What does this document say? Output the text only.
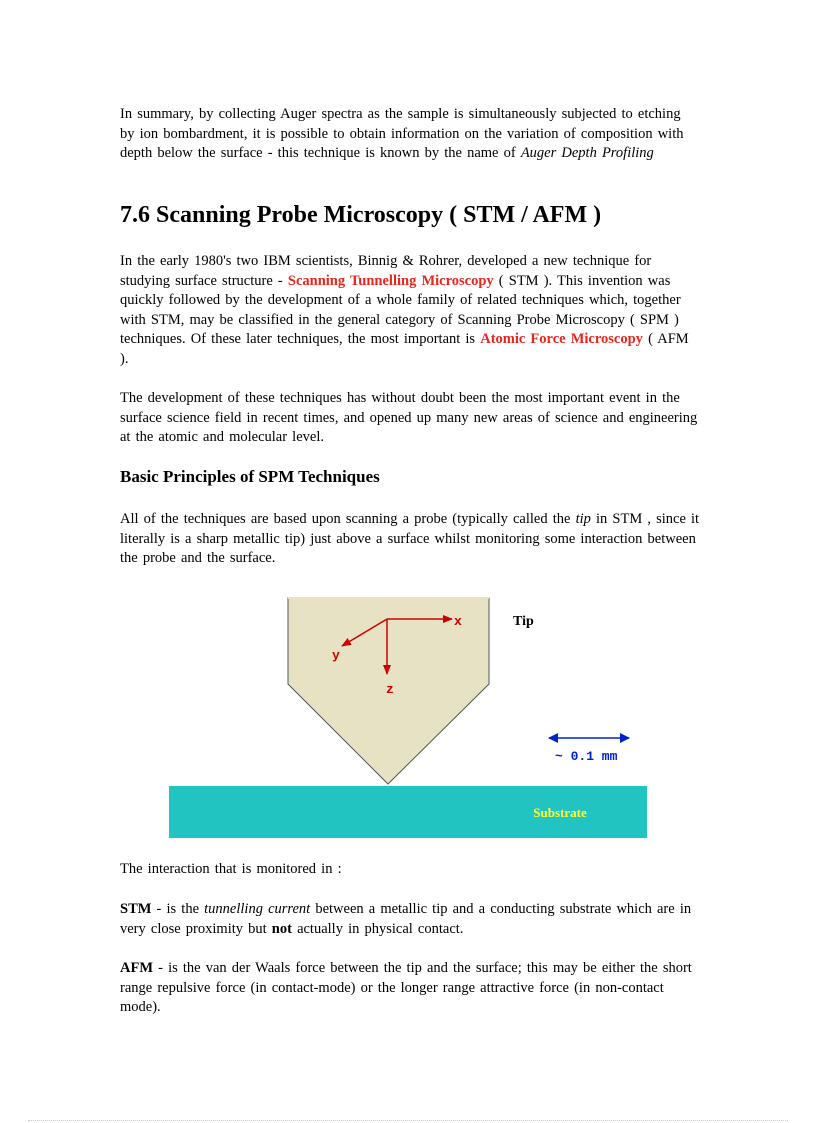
In summary, by collecting Auger spectra as the sample is simultaneously subjected to etching by ion bombardment, it is possible to obtain information on the variation of composition with depth below the surface - this technique is known by the name of Auger Depth Profiling

7.6 Scanning Probe Microscopy ( STM / AFM )

In the early 1980's two IBM scientists, Binnig & Rohrer, developed a new technique for studying surface structure - Scanning Tunnelling Microscopy ( STM ). This invention was quickly followed by the development of a whole family of related techniques which, together with STM, may be classified in the general category of Scanning Probe Microscopy ( SPM ) techniques. Of these later techniques, the most important is Atomic Force Microscopy ( AFM ).

The development of these techniques has without doubt been the most important event in the surface science field in recent times, and opened up many new areas of science and engineering at the atomic and molecular level.

Basic Principles of SPM Techniques

All of the techniques are based upon scanning a probe (typically called the tip in STM , since it literally is a sharp metallic tip) just above a surface whilst monitoring some interaction between the probe and the surface.

Substrate
x
y
z
Tip
~ 0.1 mm

The interaction that is monitored in :

STM - is the tunnelling current between a metallic tip and a conducting substrate which are in very close proximity but not actually in physical contact.

AFM - is the van der Waals force between the tip and the surface; this may be either the short range repulsive force (in contact-mode) or the longer range attractive force (in non-contact mode).
